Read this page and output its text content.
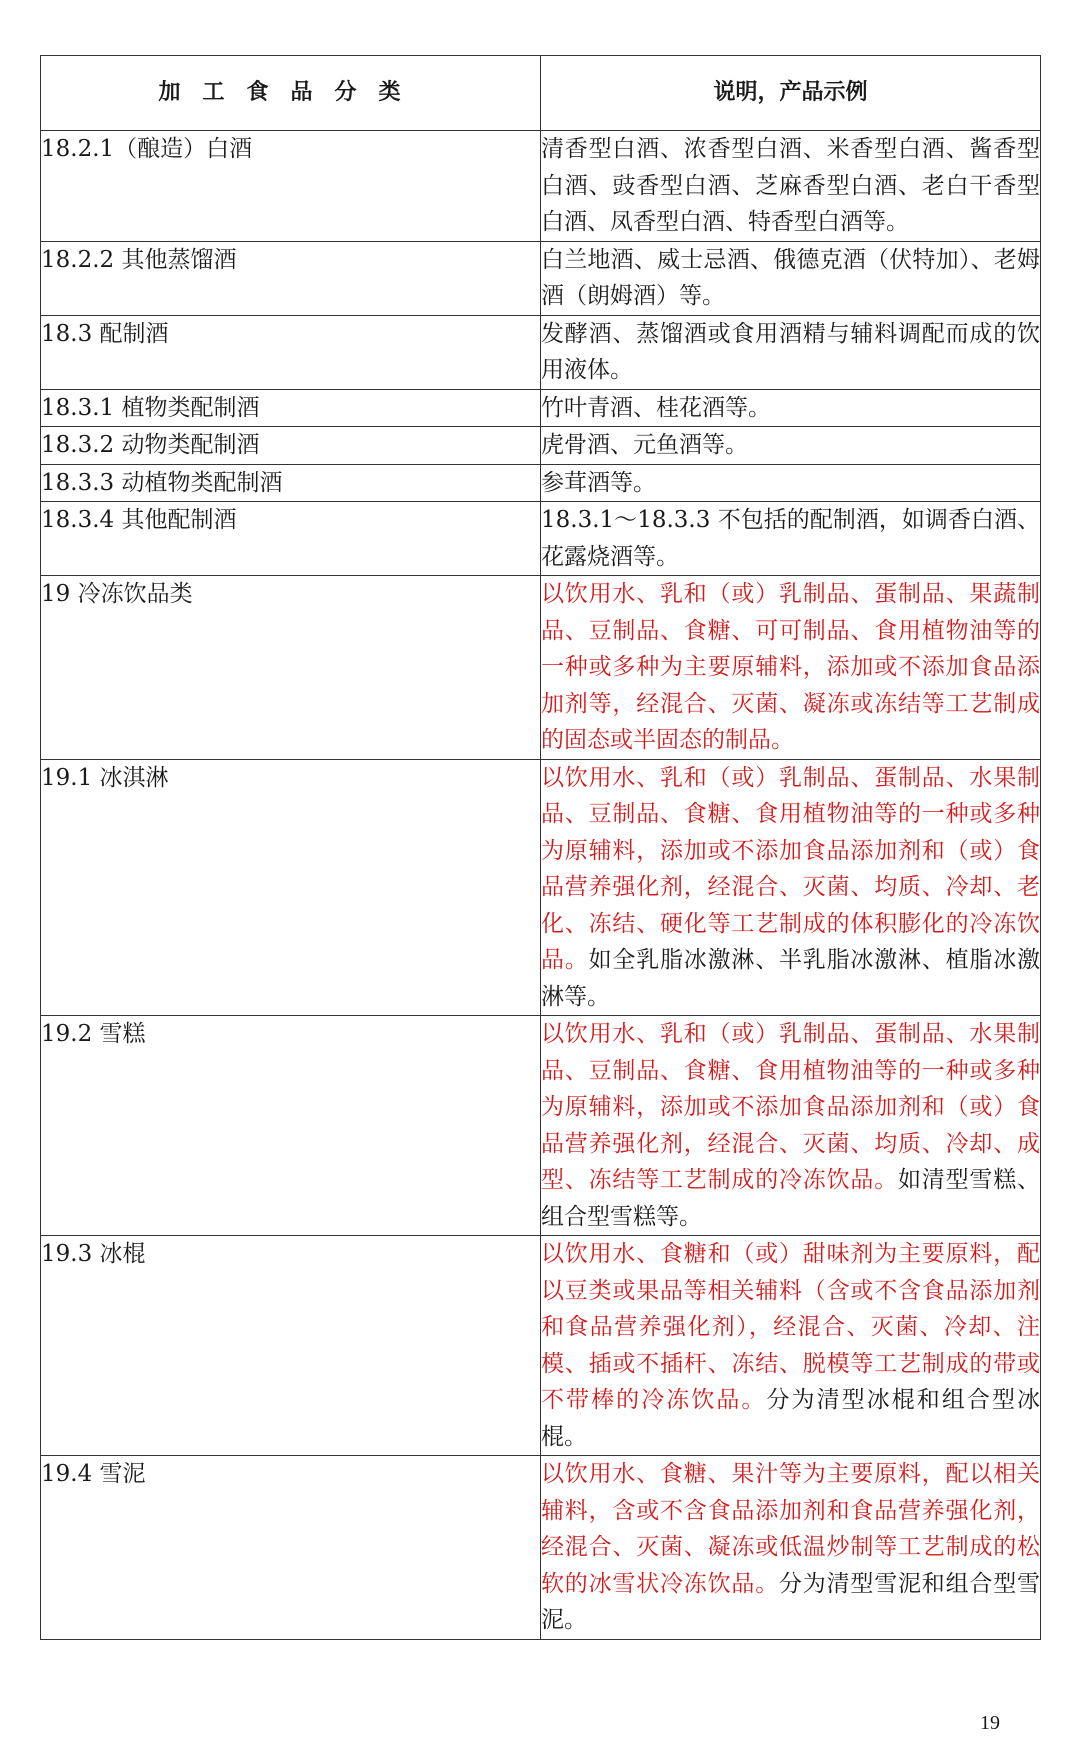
加工食品分类	说明，产品示例
18.2.1（酿造）白酒	清香型白酒、浓香型白酒、米香型白酒、酱香型白酒、豉香型白酒、芝麻香型白酒、老白干香型白酒、凤香型白酒、特香型白酒等。
18.2.2 其他蒸馏酒	白兰地酒、威士忌酒、俄德克酒（伏特加）、老姆酒（朗姆酒）等。
18.3 配制酒	发酵酒、蒸馏酒或食用酒精与辅料调配而成的饮用液体。
18.3.1 植物类配制酒	竹叶青酒、桂花酒等。
18.3.2 动物类配制酒	虎骨酒、元鱼酒等。
18.3.3 动植物类配制酒	参茸酒等。
18.3.4 其他配制酒	18.3.1～18.3.3 不包括的配制酒，如调香白酒、花露烧酒等。
19 冷冻饮品类	以饮用水、乳和（或）乳制品、蛋制品、果蔬制品、豆制品、食糖、可可制品、食用植物油等的一种或多种为主要原辅料，添加或不添加食品添加剂等，经混合、灭菌、凝冻或冻结等工艺制成的固态或半固态的制品。
19.1 冰淇淋	以饮用水、乳和（或）乳制品、蛋制品、水果制品、豆制品、食糖、食用植物油等的一种或多种为原辅料，添加或不添加食品添加剂和（或）食品营养强化剂，经混合、灭菌、均质、冷却、老化、冻结、硬化等工艺制成的体积膨化的冷冻饮品。如全乳脂冰激淋、半乳脂冰激淋、植脂冰激淋等。
19.2 雪糕	以饮用水、乳和（或）乳制品、蛋制品、水果制品、豆制品、食糖、食用植物油等的一种或多种为原辅料，添加或不添加食品添加剂和（或）食品营养强化剂，经混合、灭菌、均质、冷却、成型、冻结等工艺制成的冷冻饮品。如清型雪糕、组合型雪糕等。
19.3 冰棍	以饮用水、食糖和（或）甜味剂为主要原料，配以豆类或果品等相关辅料（含或不含食品添加剂和食品营养强化剂），经混合、灭菌、冷却、注模、插或不插杆、冻结、脱模等工艺制成的带或不带棒的冷冻饮品。分为清型冰棍和组合型冰棍。
19.4 雪泥	以饮用水、食糖、果汁等为主要原料，配以相关辅料，含或不含食品添加剂和食品营养强化剂，经混合、灭菌、凝冻或低温炒制等工艺制成的松软的冰雪状冷冻饮品。分为清型雪泥和组合型雪泥。
19
